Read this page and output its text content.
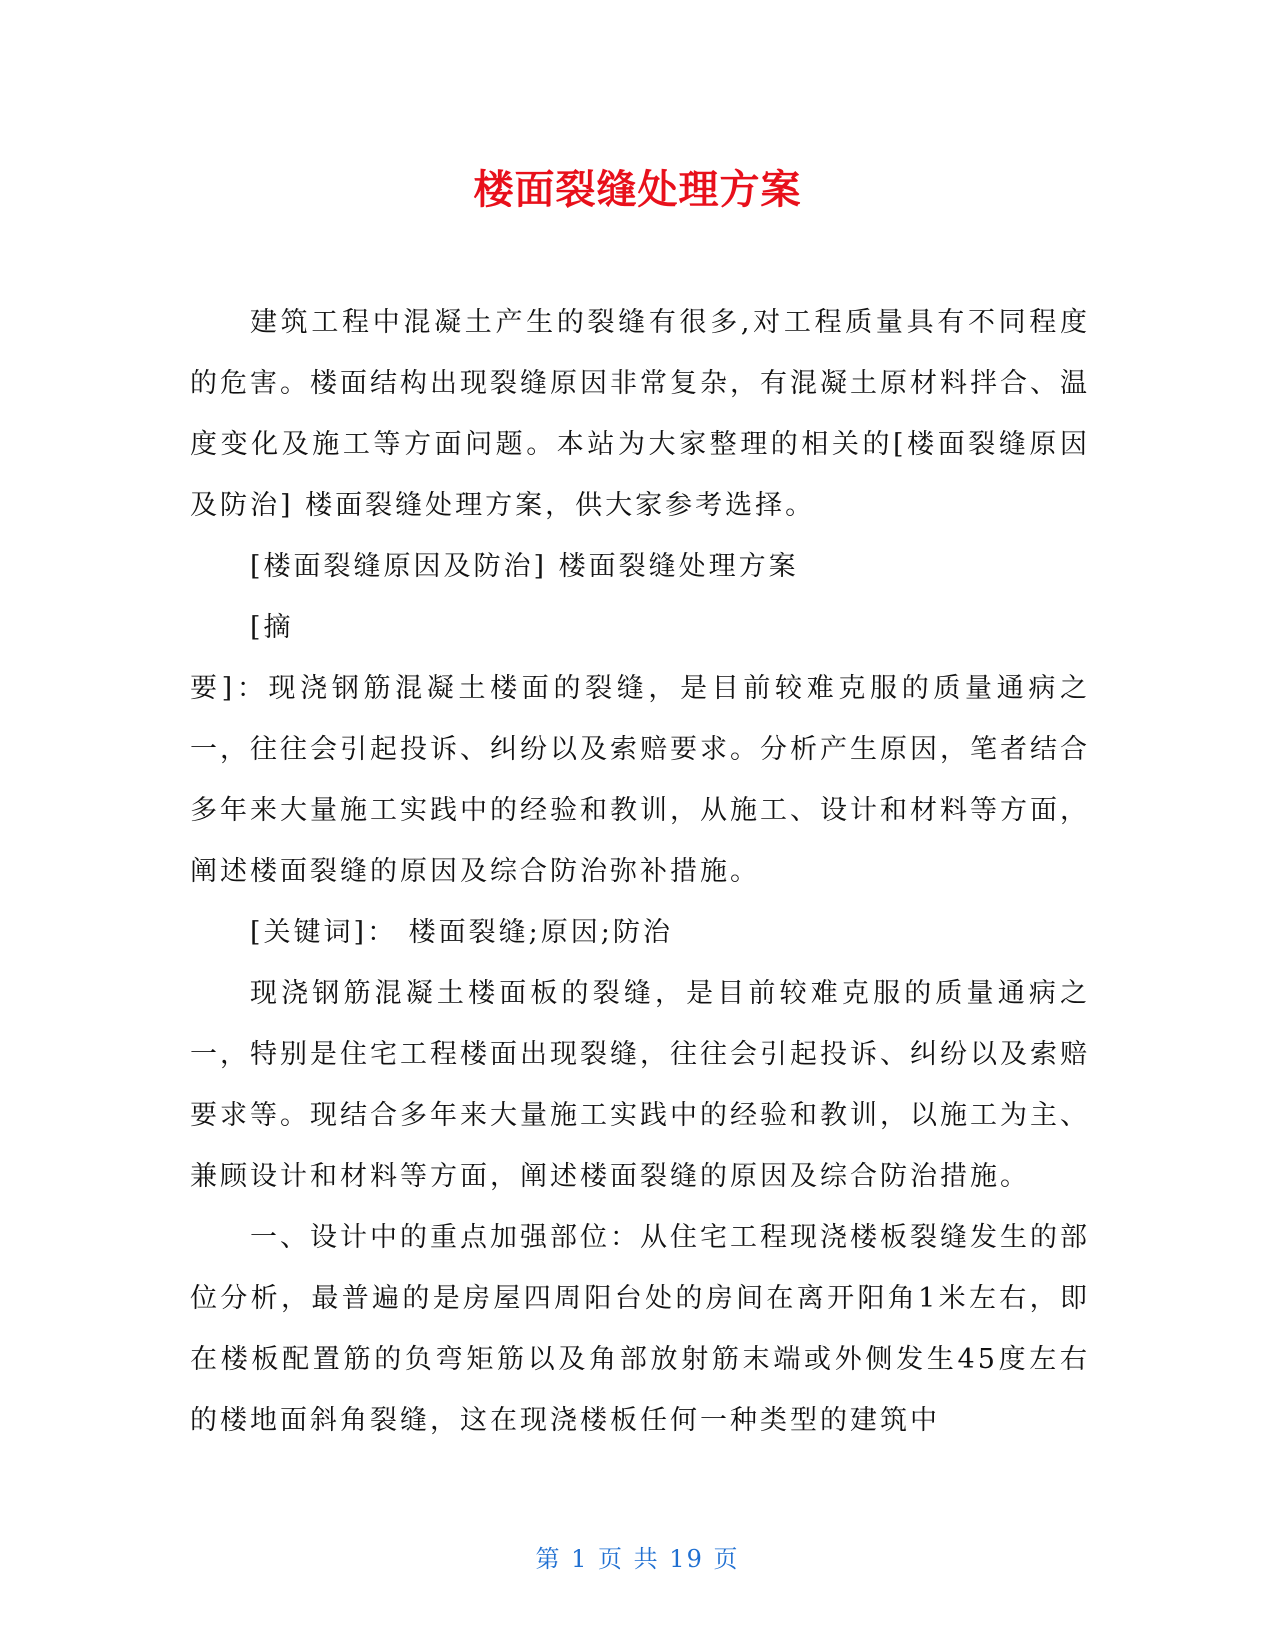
楼面裂缝处理方案

建筑工程中混凝土产生的裂缝有很多,对工程质量具有不同程度的危害。楼面结构出现裂缝原因非常复杂，有混凝土原材料拌合、温度变化及施工等方面问题。本站为大家整理的相关的[楼面裂缝原因及防治] 楼面裂缝处理方案，供大家参考选择。

[楼面裂缝原因及防治] 楼面裂缝处理方案

[摘

要]：现浇钢筋混凝土楼面的裂缝，是目前较难克服的质量通病之一，往往会引起投诉、纠纷以及索赔要求。分析产生原因，笔者结合多年来大量施工实践中的经验和教训，从施工、设计和材料等方面，阐述楼面裂缝的原因及综合防治弥补措施。

[关键词]： 楼面裂缝;原因;防治

现浇钢筋混凝土楼面板的裂缝，是目前较难克服的质量通病之一，特别是住宅工程楼面出现裂缝，往往会引起投诉、纠纷以及索赔要求等。现结合多年来大量施工实践中的经验和教训，以施工为主、兼顾设计和材料等方面，阐述楼面裂缝的原因及综合防治措施。

一、设计中的重点加强部位：从住宅工程现浇楼板裂缝发生的部位分析，最普遍的是房屋四周阳台处的房间在离开阳角1米左右，即在楼板配置筋的负弯矩筋以及角部放射筋末端或外侧发生45度左右的楼地面斜角裂缝，这在现浇楼板任何一种类型的建筑中

第 1 页 共 19 页
